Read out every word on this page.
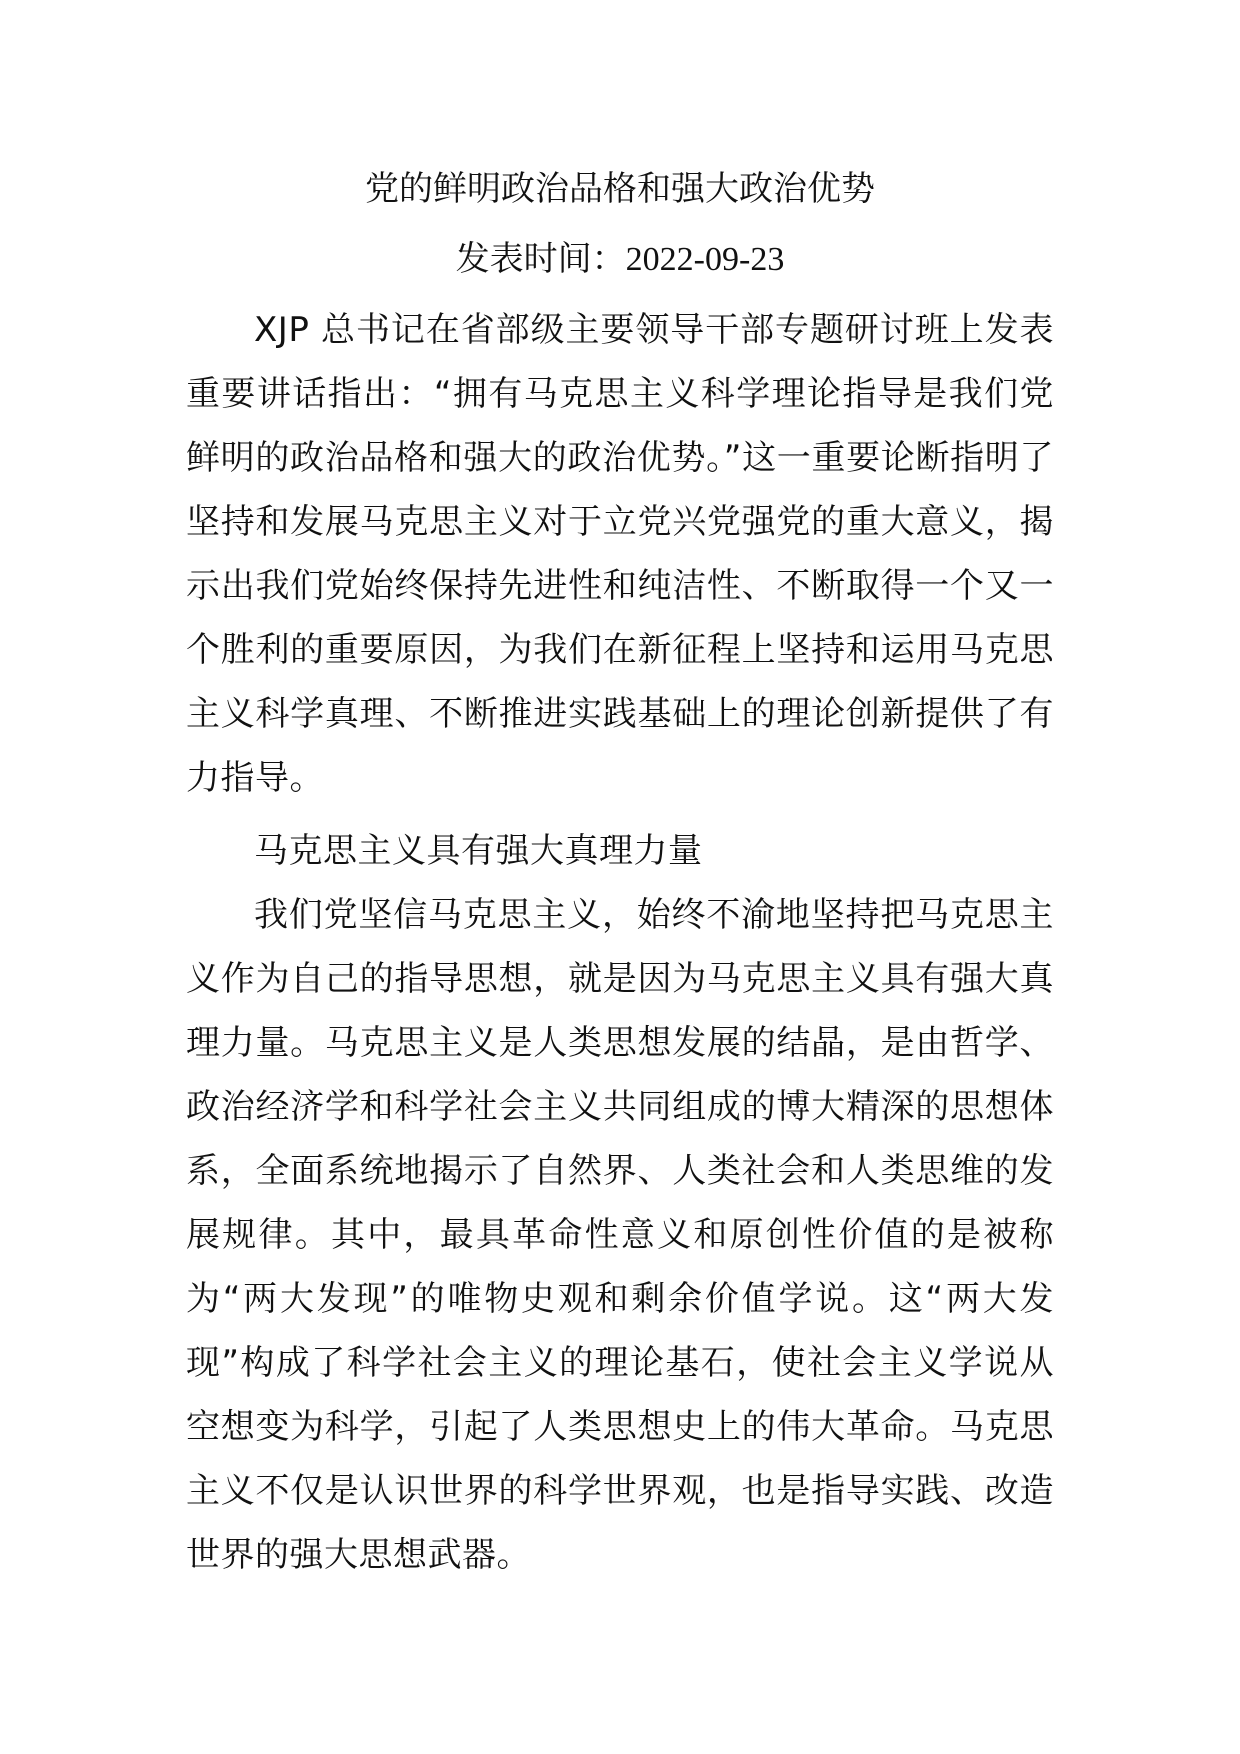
党的鲜明政治品格和强大政治优势
发表时间：2022-09-23

XJP 总书记在省部级主要领导干部专题研讨班上发表重要讲话指出：“拥有马克思主义科学理论指导是我们党鲜明的政治品格和强大的政治优势。”这一重要论断指明了坚持和发展马克思主义对于立党兴党强党的重大意义，揭示出我们党始终保持先进性和纯洁性、不断取得一个又一个胜利的重要原因，为我们在新征程上坚持和运用马克思主义科学真理、不断推进实践基础上的理论创新提供了有力指导。

马克思主义具有强大真理力量

我们党坚信马克思主义，始终不渝地坚持把马克思主义作为自己的指导思想，就是因为马克思主义具有强大真理力量。马克思主义是人类思想发展的结晶，是由哲学、政治经济学和科学社会主义共同组成的博大精深的思想体系，全面系统地揭示了自然界、人类社会和人类思维的发展规律。其中，最具革命性意义和原创性价值的是被称为“两大发现”的唯物史观和剩余价值学说。这“两大发现”构成了科学社会主义的理论基石，使社会主义学说从空想变为科学，引起了人类思想史上的伟大革命。马克思主义不仅是认识世界的科学世界观，也是指导实践、改造世界的强大思想武器。
